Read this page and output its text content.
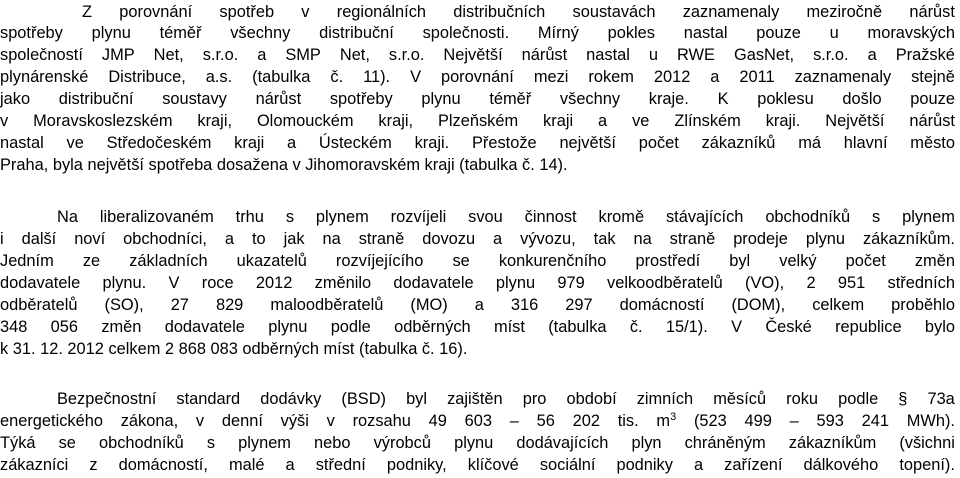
Z porovnání spotřeb v regionálních distribučních soustavách zaznamenaly meziročně nárůst
spotřeby plynu téměř všechny distribuční společnosti. Mírný pokles nastal pouze u moravských
společností JMP Net, s.r.o. a SMP Net, s.r.o. Největší nárůst nastal u RWE GasNet, s.r.o. a Pražské
plynárenské Distribuce, a.s. (tabulka č. 11). V porovnání mezi rokem 2012 a 2011 zaznamenaly stejně
jako distribuční soustavy nárůst spotřeby plynu téměř všechny kraje. K poklesu došlo pouze
v Moravskoslezském kraji, Olomouckém kraji, Plzeňském kraji a ve Zlínském kraji. Největší nárůst
nastal ve Středočeském kraji a Ústeckém kraji. Přestože největší počet zákazníků má hlavní město
Praha, byla největší spotřeba dosažena v Jihomoravském kraji (tabulka č. 14).
Na liberalizovaném trhu s plynem rozvíjeli svou činnost kromě stávajících obchodníků s plynem
i další noví obchodníci, a to jak na straně dovozu a vývozu, tak na straně prodeje plynu zákazníkům.
Jedním ze základních ukazatelů rozvíjejícího se konkurenčního prostředí byl velký počet změn
dodavatele plynu. V roce 2012 změnilo dodavatele plynu 979 velkoodběratelů (VO), 2 951 středních
odběratelů (SO), 27 829 maloodběratelů (MO) a 316 297 domácností (DOM), celkem proběhlo
348 056 změn dodavatele plynu podle odběrných míst (tabulka č. 15/1). V České republice bylo
k 31. 12. 2012 celkem 2 868 083 odběrných míst (tabulka č. 16).
Bezpečnostní standard dodávky (BSD) byl zajištěn pro období zimních měsíců roku podle § 73a
energetického zákona, v denní výši v rozsahu 49 603 – 56 202 tis. $m^3$ (523 499 – 593 241 MWh).
Týká se obchodníků s plynem nebo výrobců plynu dodávajících plyn chráněným zákazníkům (všichni
zákazníci z domácností, malé a střední podniky, klíčové sociální podniky a zařízení dálkového topení).
